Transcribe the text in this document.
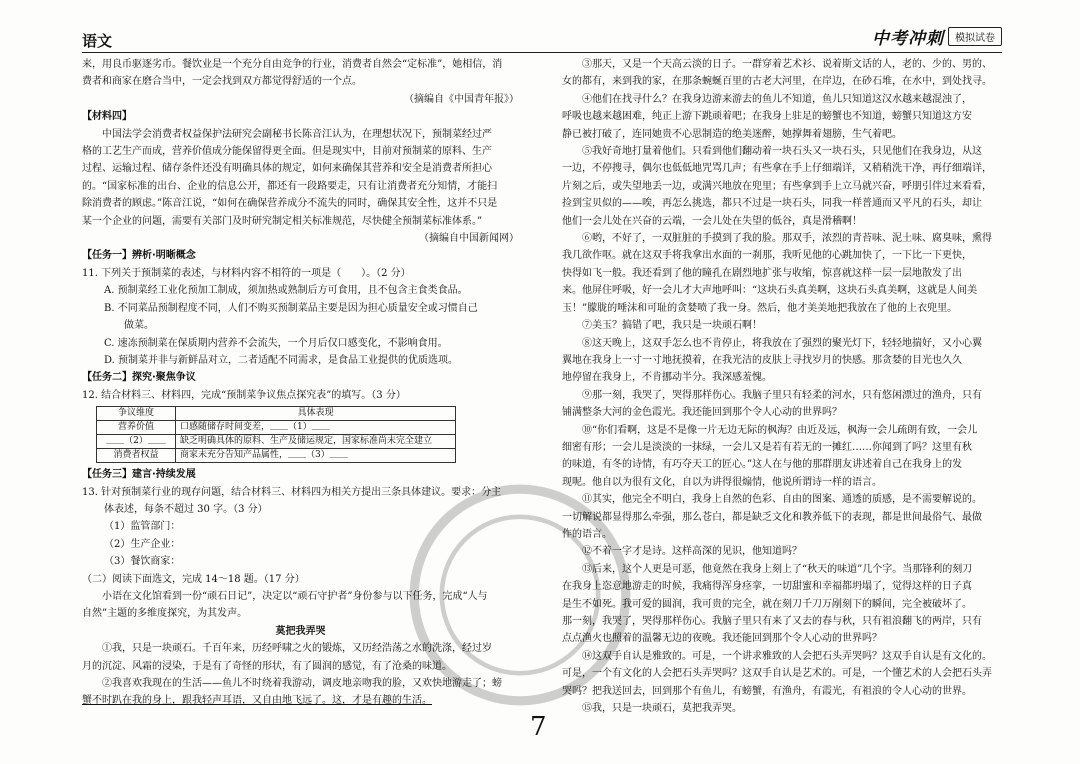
语文	中考冲刺	模拟试卷

来，用良币驱逐劣币。餐饮业是一个充分自由竞争的行业，消费者自然会“定标准”，她相信，消

费者和商家在磨合当中，一定会找到双方都觉得舒适的一个点。

（摘编自《中国青年报》）

【材料四】

中国法学会消费者权益保护法研究会副秘书长陈音江认为，在理想状况下，预制菜经过严

格的工艺生产而成，营养价值成分能保留得更全面。但是现实中，目前对预制菜的原料、生产

过程、运输过程、储存条件还没有明确具体的规定，如何来确保其营养和安全是消费者所担心

的。“国家标准的出台、企业的信息公开，都还有一段路要走，只有让消费者充分知情，才能扫

除消费者的顾虑。”陈音江说，“如何在确保营养成分不流失的同时，确保其安全性，这并不只是

某一个企业的问题，需要有关部门及时研究制定相关标准规范，尽快健全预制菜标准体系。”

（摘编自中国新闻网）

【任务一】辨析·明晰概念

11. 下列关于预制菜的表述，与材料内容不相符的一项是（　　）。（2 分）

A. 预制菜经工业化预加工制成，须加热或熟制后方可食用，且不包含主食类食品。

B. 不同菜品预制程度不同，人们不购买预制菜品主要是因为担心质量安全或习惯自己

做菜。

C. 速冻预制菜在保质期内营养不会流失，一个月后仅口感变化，不影响食用。

D. 预制菜并非与新鲜品对立，二者适配不同需求，是食品工业提供的优质选项。

【任务二】探究·聚焦争议

12. 结合材料三、材料四，完成“预制菜争议焦点探究表”的填写。（3 分）

争议维度	具体表现
营养价值	口感随储存时间变差，＿＿（1）＿＿
＿＿（2）＿＿	缺乏明确具体的原料、生产及储运规定，国家标准尚未完全建立
消费者权益	商家未充分告知产品属性，＿＿（3）＿＿

【任务三】建言·持续发展

13. 针对预制菜行业的现存问题，结合材料三、材料四为相关方提出三条具体建议。要求：分主

体表述，每条不超过 30 字。（3 分）

（1）监管部门：

（2）生产企业：

（3）餐饮商家：

（二）阅读下面选文，完成 14～18 题。（17 分）

小语在文化馆看到一份“顽石日记”，决定以“顽石守护者”身份参与以下任务，完成“人与

自然”主题的多维度探究，为其发声。

莫把我弄哭

①我，只是一块顽石。千百年来，历经呼啸之火的锻炼，又历经浩荡之水的洗涤，经过岁

月的沉淀、风霜的浸染，于是有了奇怪的形状，有了圆润的感觉，有了沧桑的味道。

②我喜欢我现在的生活——鱼儿不时绕着我游动，调皮地亲吻我的脸，又欢快地游走了；螃

蟹不时趴在我的身上，跟我轻声耳语，又自由地飞远了。这，才是有趣的生活。

③那天，又是一个天高云淡的日子。一群穿着艺术衫、说着斯文话的人，老的、少的、男的、

女的都有，来到我的家，在那条蜿蜒百里的古老大河里，在岸边，在砂石堆，在水中，到处找寻。

④他们在找寻什么？在我身边游来游去的鱼儿不知道，鱼儿只知道这汉水越来越混浊了，

呼吸也越来越困难，纯正上游下跳顽着吧；在我身上驻足的螃蟹也不知道，螃蟹只知道这方安

静已被打破了，连同她贵不心思制造的绝美迷醉，她撑舞着翅膀，生气着吧。

⑤我好奇地打量着他们。只看到他们翻动着一块石头又一块石头，只见他们在我身边，从这

一边，不停搜寻，偶尔也低低地咒骂几声；有些拿在手上仔细端详，又稍稍洗干净，再仔细端详，

片刻之后，或失望地丢一边，或满兴地放在兜里；有些拿到手上立马就兴奋，呼朋引伴过来看看，

捡到宝贝似的——唉，再怎么挑选，都只不过是一块石头，同我一样普通而又平凡的石头，却让

他们一会儿处在兴奋的云端，一会儿处在失望的低谷，真是滑稽啊！

⑥哟，不好了，一双脏脏的手摸到了我的脸。那双手，浓烈的青苔味、泥土味、腐臭味，熏得

我几欲作呕。就在这双手将我拿出水面的一刹那，我听见他的心跳加快了，一下比一下更快，

快得如飞一般。我还看到了他的瞳孔在剧烈地扩张与收缩，惊喜就这样一层一层地散发了出

来。他屏住呼吸，好一会儿才大声地呼叫：“这块石头真美啊，这块石头真美啊，这就是人间美

玉！”朦胧的唾沫和可耻的贪婪喷了我一身。然后，他才美美地把我放在了他的上衣兜里。

⑦美玉？搞错了吧，我只是一块顽石啊！

⑧这天晚上，这双手怎么也不肯停止，将我放在了强烈的聚光灯下，轻轻地揣好，又小心翼

翼地在我身上一寸一寸地抚摸着，在我光洁的皮肤上寻找岁月的快感。那贪婪的目光也久久

地停留在我身上，不肯挪动半分。我深感羞愧。

⑨那一刻，我哭了，哭得那样伤心。我脑子里只有轻柔的河水，只有悠闲漂过的渔舟，只有

铺满整条大河的金色霞光。我还能回到那个令人心动的世界吗？

⑩“你们看啊，这是不是像一片无边无际的枫海？由近及远，枫海一会儿疏朗有致，一会儿

细密有形；一会儿是淡淡的一抹绿，一会儿又是若有若无的一摊红……你闻到了吗？这里有秋

的味道，有冬的诗情，有巧夺天工的匠心。”这人在与他的那群朋友讲述着自己在我身上的发

现呢。他自以为很有文化，自以为讲得很煽情，他说所谓诗一样的语言。

⑪其实，他完全不明白，我身上自然的色彩、自由的图案、通透的质感，是不需要解说的。

一切解说都显得那么牵强，那么苍白，都是缺乏文化和教养低下的表现，都是世间最俗气、最做

作的语言。

⑫不着一字才是诗。这样高深的见识，他知道吗？

⑬后来，这个人更是可恶，他竟然在我身上刻上了“秋天的味道”几个字。当那锋利的刻刀

在我身上恣意地游走的时候，我痛得浑身痉挛，一切甜蜜和幸福都坍塌了，觉得这样的日子真

是生不如死。我可爱的圆润，我可贵的完全，就在刻刀千刀万剐刻下的瞬间，完全被破坏了。

那一刻，我哭了，哭得那样伤心。我脑子里只有来了又去的春与秋，只有祖浪翻飞的两岸，只有

点点渔火也照着的温馨无边的夜晚。我还能回到那个令人心动的世界吗？

⑭这双手自认是雅致的。可是，一个讲求雅致的人会把石头弄哭吗？这双手自认是有文化的。

可是，一个有文化的人会把石头弄哭吗？这双手自认是艺术的。可是，一个懂艺术的人会把石头弄

哭吗？把我送回去，回到那个有鱼儿，有螃蟹，有渔舟，有霞光，有祖浪的令人心动的世界。

⑮我，只是一块顽石，莫把我弄哭。

7
